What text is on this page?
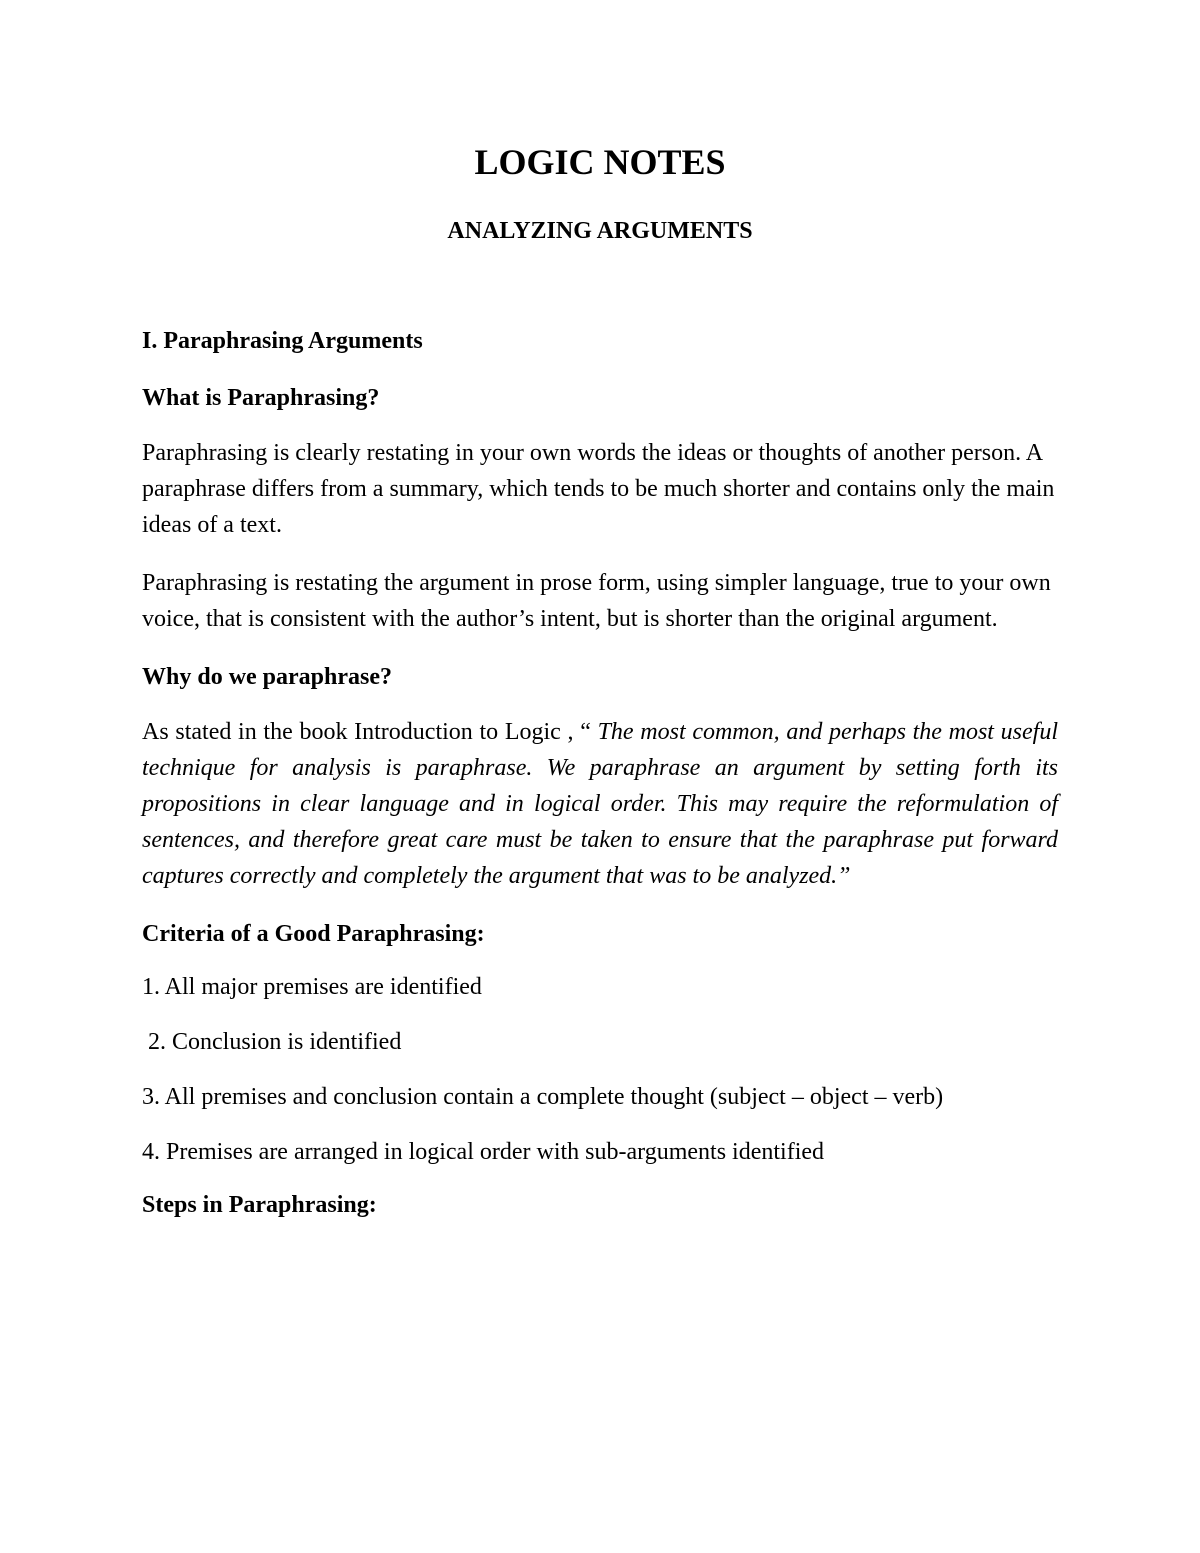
LOGIC NOTES
ANALYZING ARGUMENTS
I. Paraphrasing Arguments
What is Paraphrasing?

Paraphrasing is clearly restating in your own words the ideas or thoughts of another person. A paraphrase differs from a summary, which tends to be much shorter and contains only the main ideas of a text.

Paraphrasing is restating the argument in prose form, using simpler language, true to your own voice, that is consistent with the author’s intent, but is shorter than the original argument.

Why do we paraphrase?

As stated in the book Introduction to Logic , “ The most common, and perhaps the most useful technique for analysis is paraphrase. We paraphrase an argument by setting forth its propositions in clear language and in logical order. This may require the reformulation of sentences, and therefore great care must be taken to ensure that the paraphrase put forward captures correctly and completely the argument that was to be analyzed.”

Criteria of a Good Paraphrasing:
1. All major premises are identified
2. Conclusion is identified
3. All premises and conclusion contain a complete thought (subject – object – verb)
4. Premises are arranged in logical order with sub-arguments identified
Steps in Paraphrasing:
